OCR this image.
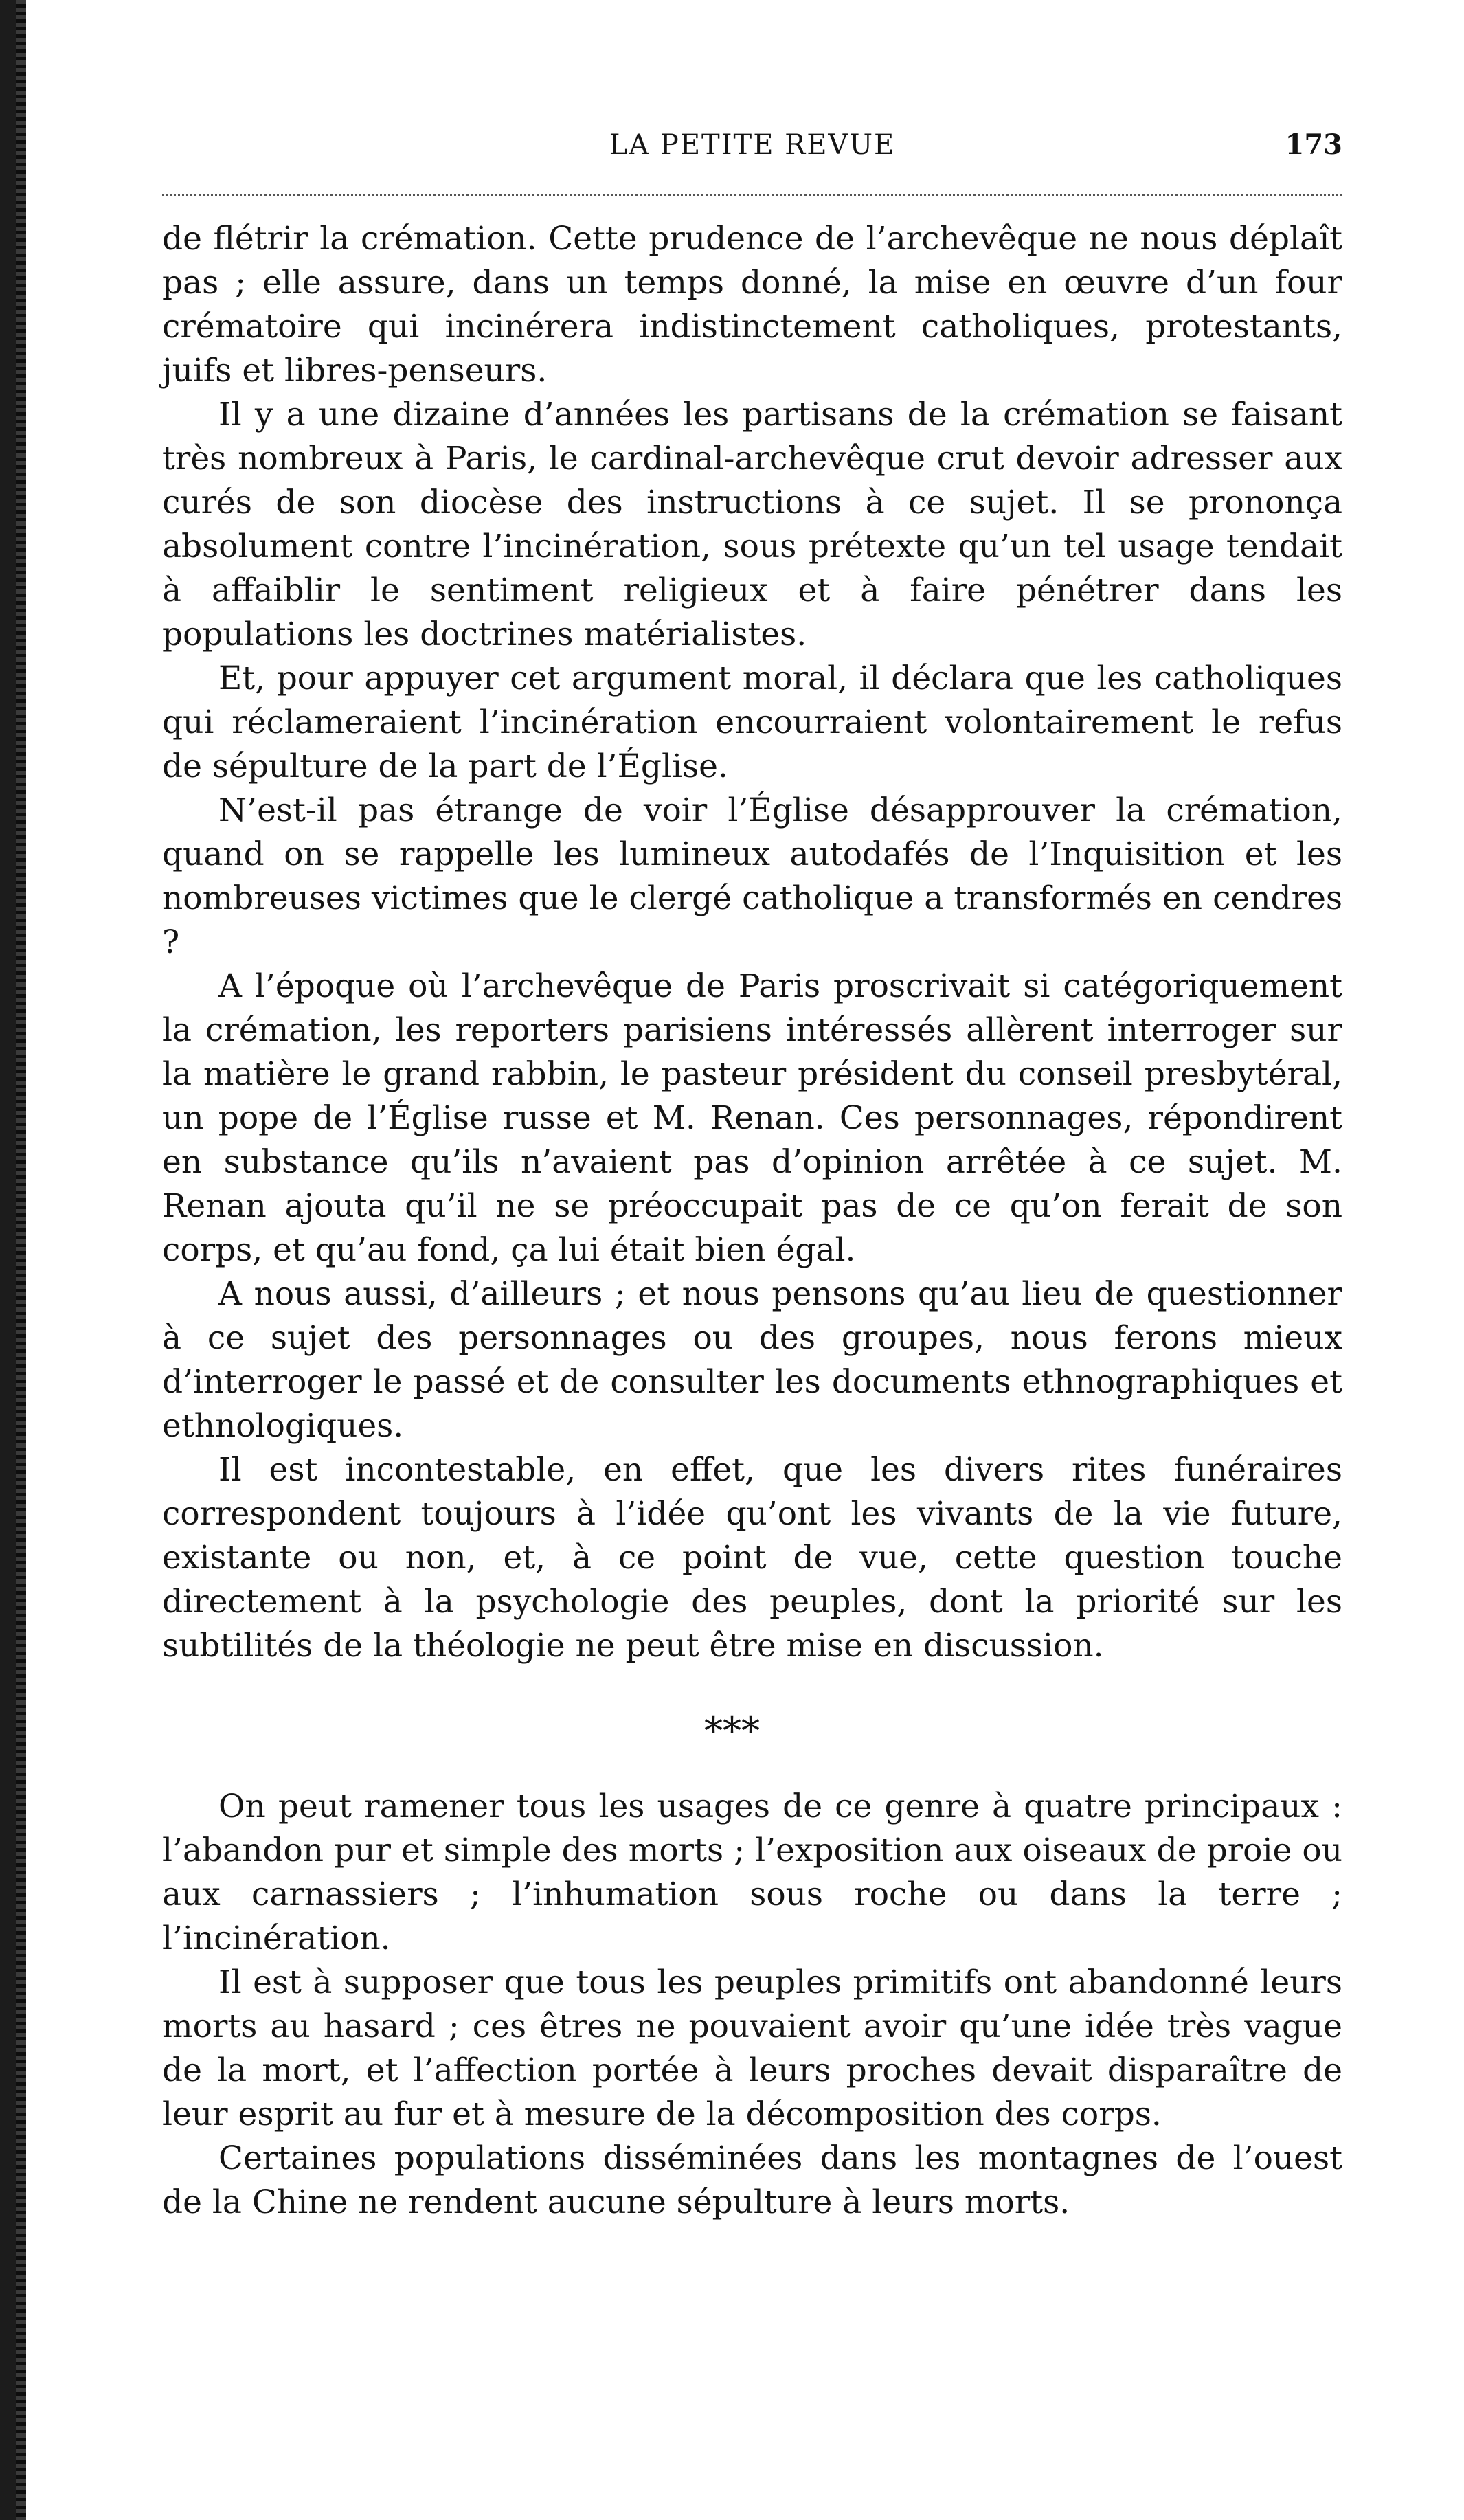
LA PETITE REVUE	173

de flétrir la crémation. Cette prudence de l’archevêque ne nous déplaît pas ; elle assure, dans un temps donné, la mise en œuvre d’un four crématoire qui incinérera indistinctement catholiques, protestants, juifs et libres-penseurs.

Il y a une dizaine d’années les partisans de la crémation se faisant très nombreux à Paris, le cardinal-archevêque crut devoir adresser aux curés de son diocèse des instructions à ce sujet. Il se prononça absolument contre l’incinération, sous prétexte qu’un tel usage tendait à affaiblir le sentiment religieux et à faire pénétrer dans les populations les doctrines matérialistes.

Et, pour appuyer cet argument moral, il déclara que les catholiques qui réclameraient l’incinération encourraient volontairement le refus de sépulture de la part de l’Église.

N’est-il pas étrange de voir l’Église désapprouver la crémation, quand on se rappelle les lumineux autodafés de l’Inquisition et les nombreuses victimes que le clergé catholique a transformés en cendres ?

A l’époque où l’archevêque de Paris proscrivait si catégoriquement la crémation, les reporters parisiens intéressés allèrent interroger sur la matière le grand rabbin, le pasteur président du conseil presbytéral, un pope de l’Église russe et M. Renan. Ces personnages, répondirent en substance qu’ils n’avaient pas d’opinion arrêtée à ce sujet. M. Renan ajouta qu’il ne se préoccupait pas de ce qu’on ferait de son corps, et qu’au fond, ça lui était bien égal.

A nous aussi, d’ailleurs ; et nous pensons qu’au lieu de questionner à ce sujet des personnages ou des groupes, nous ferons mieux d’interroger le passé et de consulter les documents ethnographiques et ethnologiques.

Il est incontestable, en effet, que les divers rites funéraires correspondent toujours à l’idée qu’ont les vivants de la vie future, existante ou non, et, à ce point de vue, cette question touche directement à la psychologie des peuples, dont la priorité sur les subtilités de la théologie ne peut être mise en discussion.

***

On peut ramener tous les usages de ce genre à quatre principaux : l’abandon pur et simple des morts ; l’exposition aux oiseaux de proie ou aux carnassiers ; l’inhumation sous roche ou dans la terre ; l’incinération.

Il est à supposer que tous les peuples primitifs ont abandonné leurs morts au hasard ; ces êtres ne pouvaient avoir qu’une idée très vague de la mort, et l’affection portée à leurs proches devait disparaître de leur esprit au fur et à mesure de la décomposition des corps.

Certaines populations disséminées dans les montagnes de l’ouest de la Chine ne rendent aucune sépulture à leurs morts.
